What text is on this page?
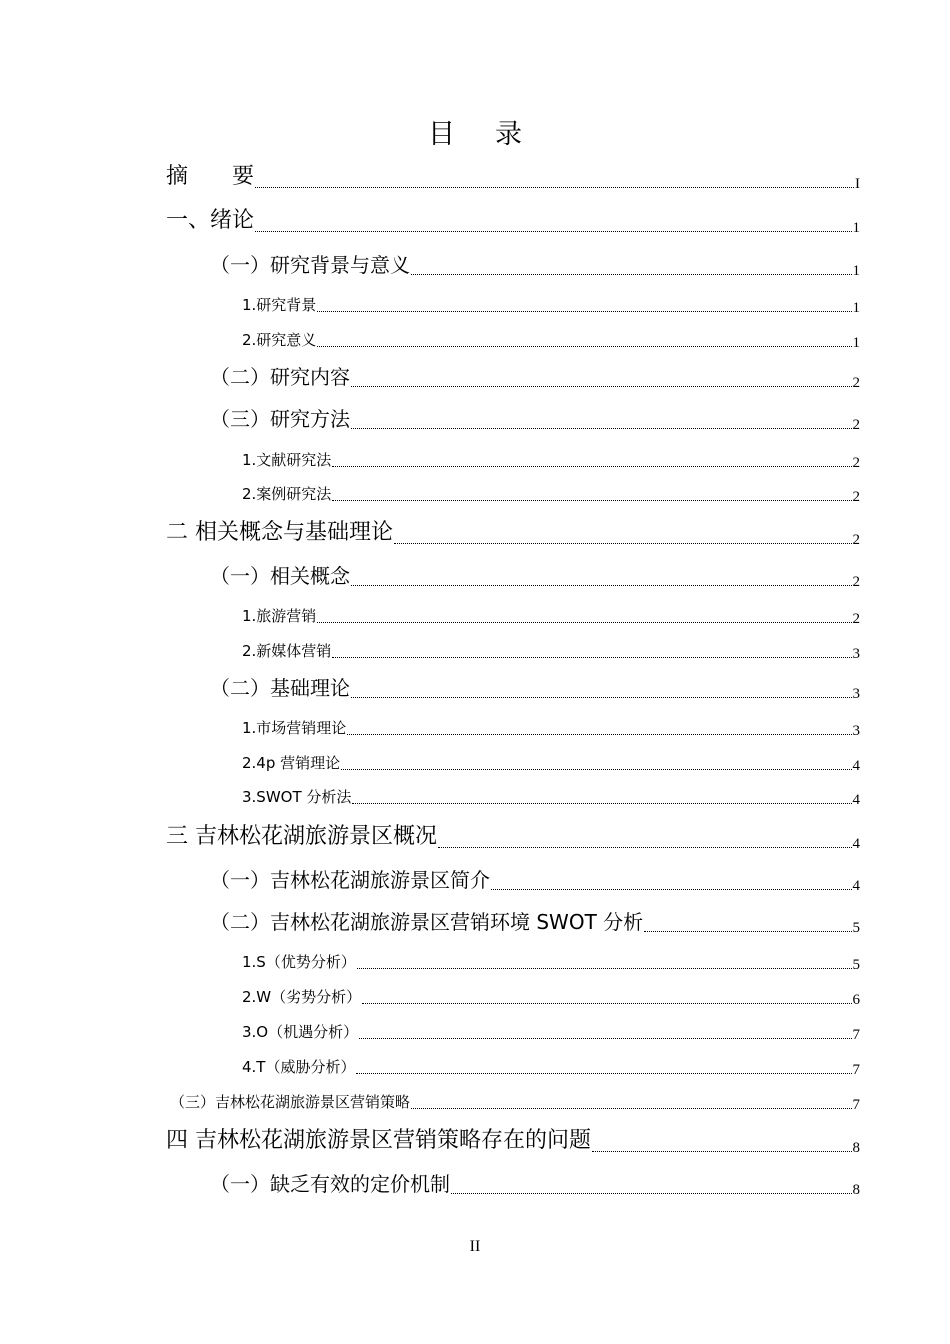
目录
摘　　要	I
一、绪论	1
（一）研究背景与意义	1
1.研究背景	1
2.研究意义	1
（二）研究内容	2
（三）研究方法	2
1.文献研究法	2
2.案例研究法	2
二 相关概念与基础理论	2
（一）相关概念	2
1.旅游营销	2
2.新媒体营销	3
（二）基础理论	3
1.市场营销理论	3
2.4p 营销理论	4
3.SWOT 分析法	4
三 吉林松花湖旅游景区概况	4
（一）吉林松花湖旅游景区简介	4
（二）吉林松花湖旅游景区营销环境 SWOT 分析	5
1.S（优势分析）	5
2.W（劣势分析）	6
3.O（机遇分析）	7
4.T（威胁分析）	7
（三）吉林松花湖旅游景区营销策略	7
四 吉林松花湖旅游景区营销策略存在的问题	8
（一）缺乏有效的定价机制	8
II
